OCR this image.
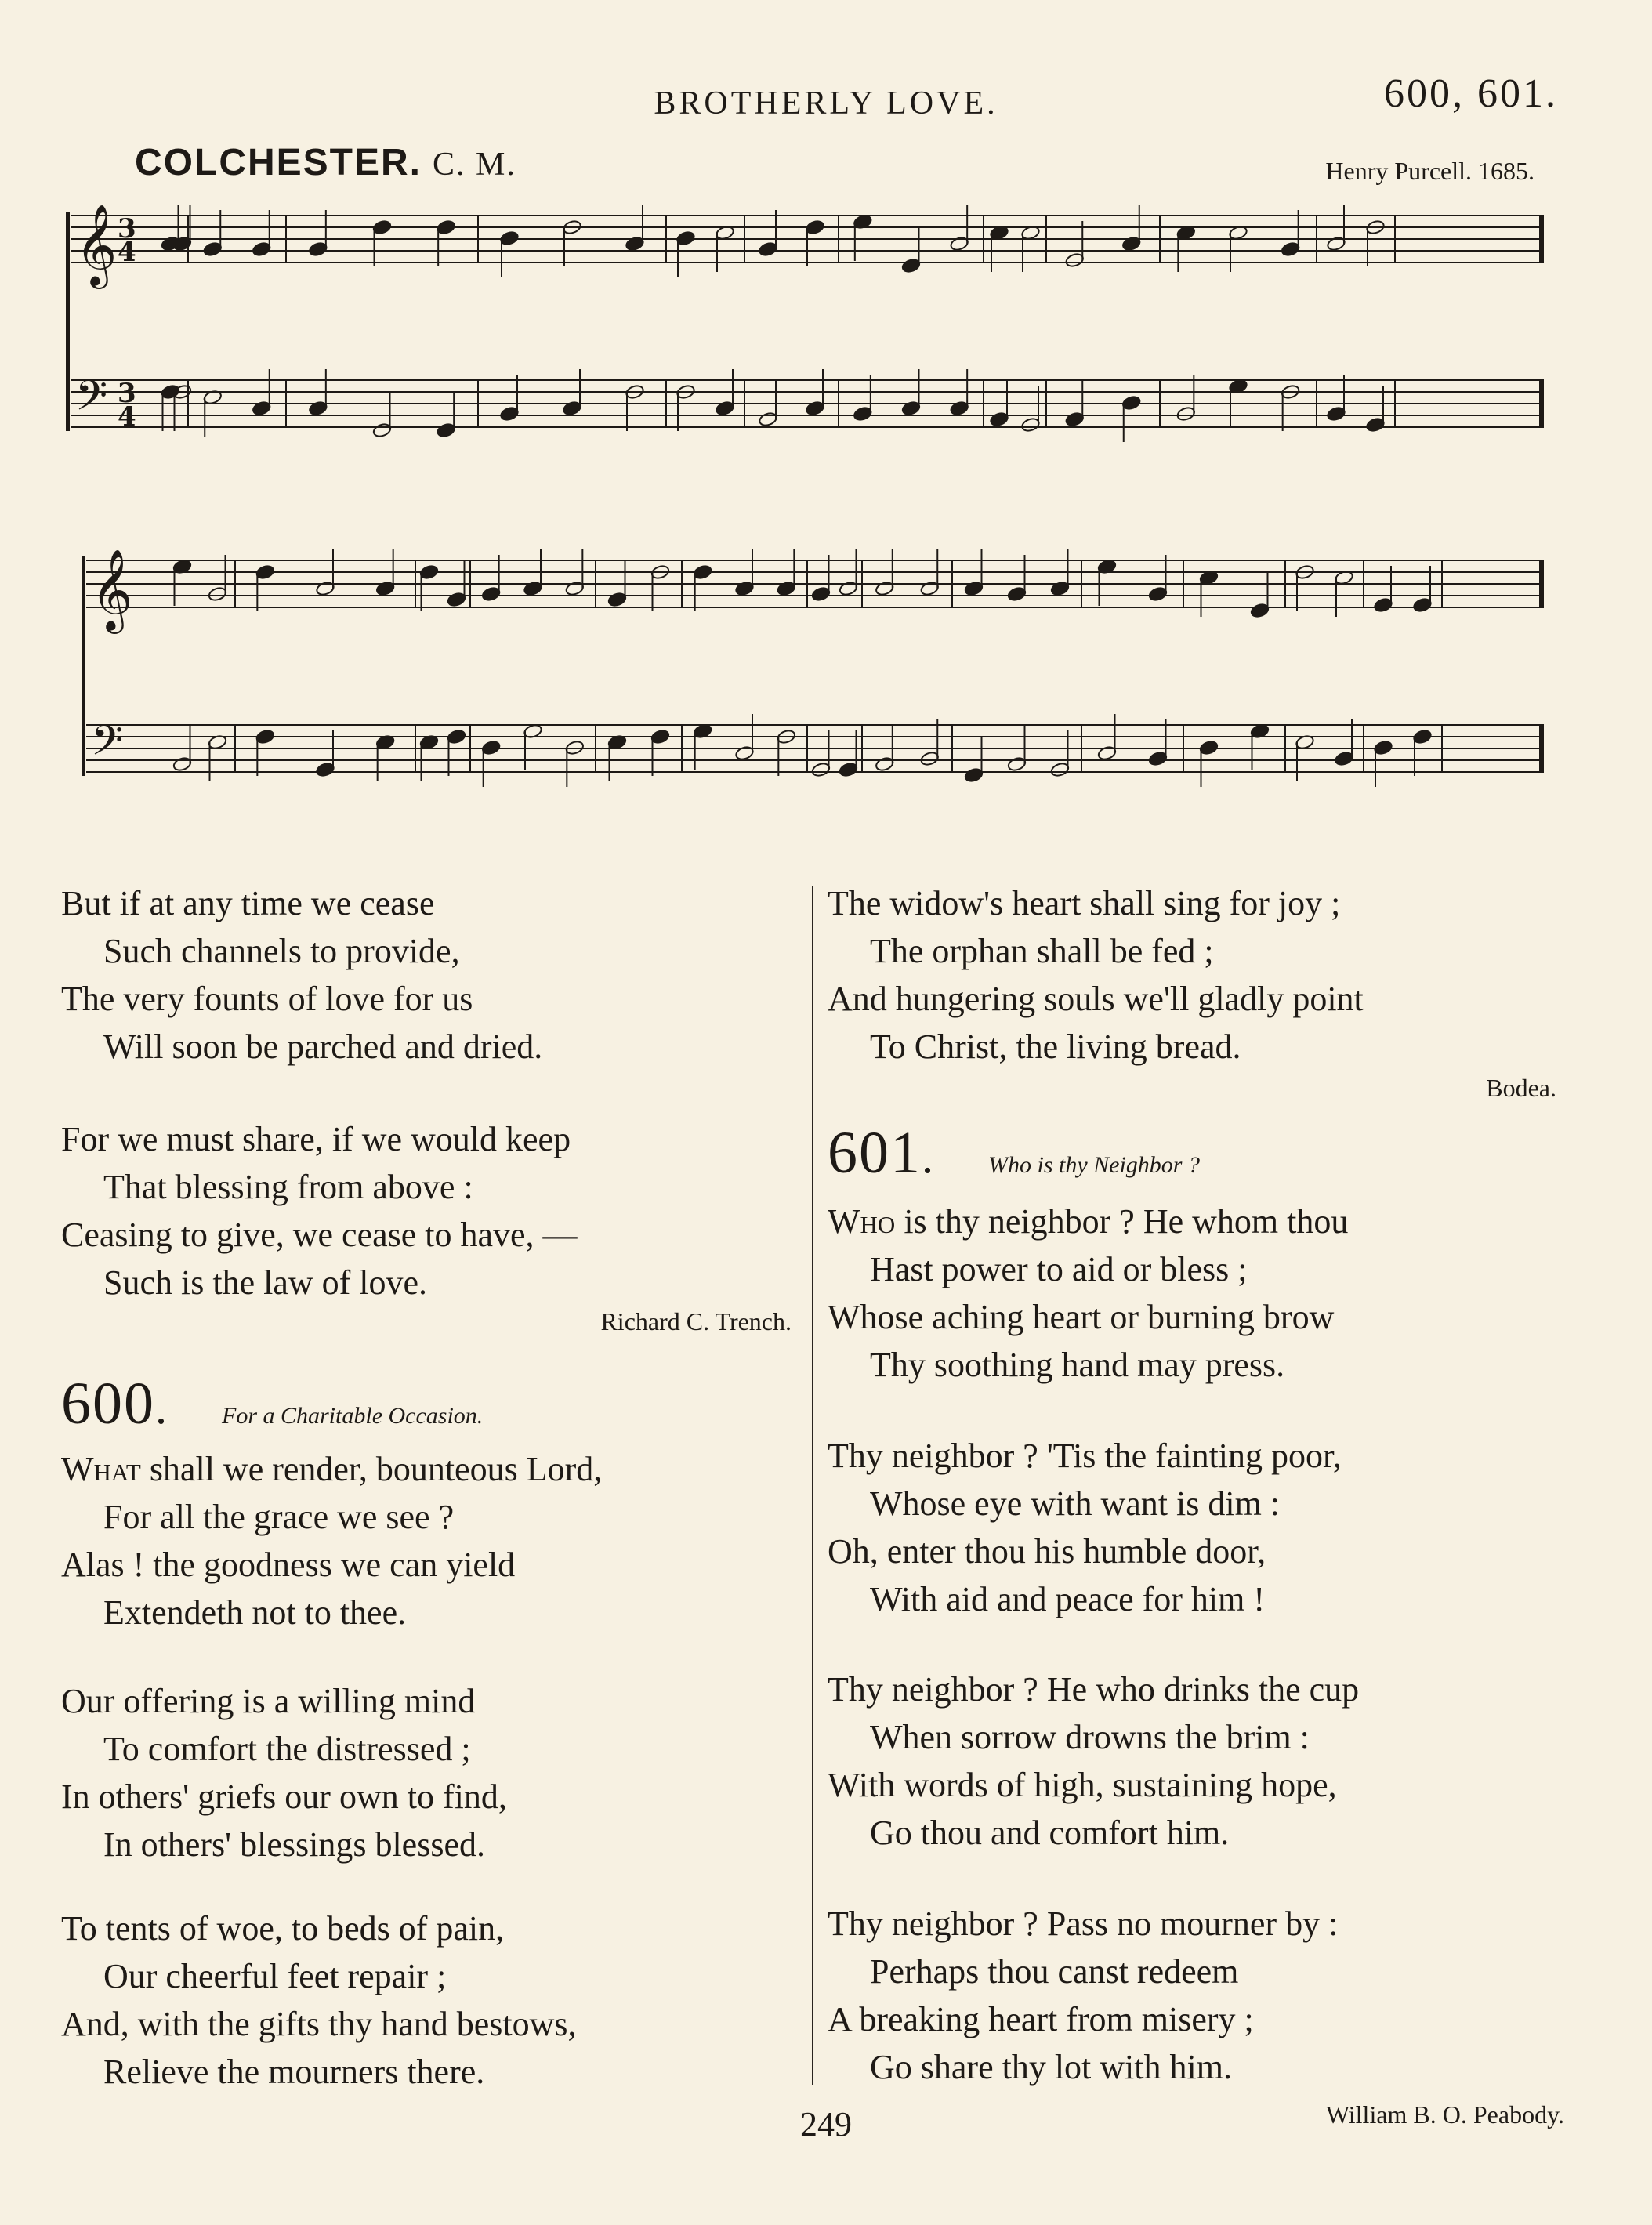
BROTHERLY LOVE.	600, 601.
COLCHESTER. C. M.	Henry Purcell. 1685.
𝄞
𝄢
𝄞
𝄢
3
4
3
4
But if at any time we cease
Such channels to provide,
The very founts of love for us
Will soon be parched and dried.
For we must share, if we would keep
That blessing from above :
Ceasing to give, we cease to have, —
Such is the law of love.
Richard C. Trench.
600 . For a Charitable Occasion.
What shall we render, bounteous Lord,
For all the grace we see ?
Alas ! the goodness we can yield
Extendeth not to thee.
Our offering is a willing mind
To comfort the distressed ;
In others' griefs our own to find,
In others' blessings blessed.
To tents of woe, to beds of pain,
Our cheerful feet repair ;
And, with the gifts thy hand bestows,
Relieve the mourners there.
The widow's heart shall sing for joy ;
The orphan shall be fed ;
And hungering souls we'll gladly point
To Christ, the living bread.
Bodea.
601 . Who is thy Neighbor ?
Who is thy neighbor ? He whom thou
Hast power to aid or bless ;
Whose aching heart or burning brow
Thy soothing hand may press.
Thy neighbor ? 'Tis the fainting poor,
Whose eye with want is dim :
Oh, enter thou his humble door,
With aid and peace for him !
Thy neighbor ? He who drinks the cup
When sorrow drowns the brim :
With words of high, sustaining hope,
Go thou and comfort him.
Thy neighbor ? Pass no mourner by :
Perhaps thou canst redeem
A breaking heart from misery ;
Go share thy lot with him.
William B. O. Peabody.
249
